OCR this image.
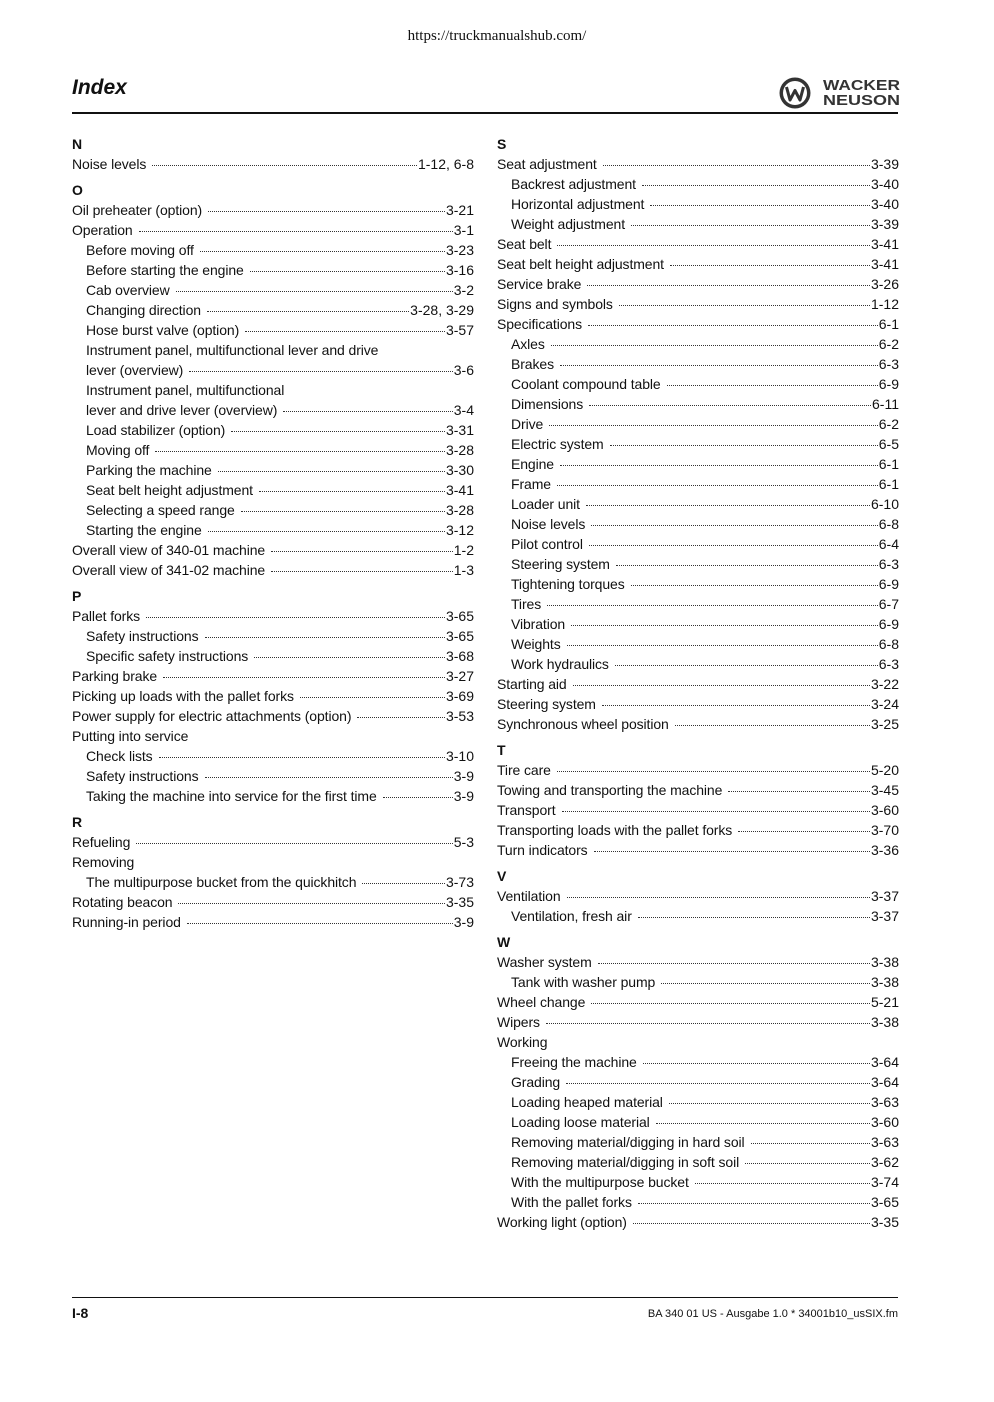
https://truckmanualshub.com/
Index	WACKER
NEUSON
N
Noise levels	1-12, 6-8
O
Oil preheater (option)	3-21
Operation	3-1
Before moving off	3-23
Before starting the engine	3-16
Cab overview	3-2
Changing direction	3-28, 3-29
Hose burst valve (option)	3-57
Instrument panel, multifunctional lever and drive
lever (overview)	3-6
Instrument panel, multifunctional
lever and drive lever (overview)	3-4
Load stabilizer (option)	3-31
Moving off	3-28
Parking the machine	3-30
Seat belt height adjustment	3-41
Selecting a speed range	3-28
Starting the engine	3-12
Overall view of 340-01 machine	1-2
Overall view of 341-02 machine	1-3
P
Pallet forks	3-65
Safety instructions	3-65
Specific safety instructions	3-68
Parking brake	3-27
Picking up loads with the pallet forks	3-69
Power supply for electric attachments (option)	3-53
Putting into service
Check lists	3-10
Safety instructions	3-9
Taking the machine into service for the first time	3-9
R
Refueling	5-3
Removing
The multipurpose bucket from the quickhitch	3-73
Rotating beacon	3-35
Running-in period	3-9
S
Seat adjustment	3-39
Backrest adjustment	3-40
Horizontal adjustment	3-40
Weight adjustment	3-39
Seat belt	3-41
Seat belt height adjustment	3-41
Service brake	3-26
Signs and symbols	1-12
Specifications	6-1
Axles	6-2
Brakes	6-3
Coolant compound table	6-9
Dimensions	6-11
Drive	6-2
Electric system	6-5
Engine	6-1
Frame	6-1
Loader unit	6-10
Noise levels	6-8
Pilot control	6-4
Steering system	6-3
Tightening torques	6-9
Tires	6-7
Vibration	6-9
Weights	6-8
Work hydraulics	6-3
Starting aid	3-22
Steering system	3-24
Synchronous wheel position	3-25
T
Tire care	5-20
Towing and transporting the machine	3-45
Transport	3-60
Transporting loads with the pallet forks	3-70
Turn indicators	3-36
V
Ventilation	3-37
Ventilation, fresh air	3-37
W
Washer system	3-38
Tank with washer pump	3-38
Wheel change	5-21
Wipers	3-38
Working
Freeing the machine	3-64
Grading	3-64
Loading heaped material	3-63
Loading loose material	3-60
Removing material/digging in hard soil	3-63
Removing material/digging in soft soil	3-62
With the multipurpose bucket	3-74
With the pallet forks	3-65
Working light (option)	3-35
I-8	BA 340 01 US - Ausgabe 1.0 * 34001b10_usSIX.fm
